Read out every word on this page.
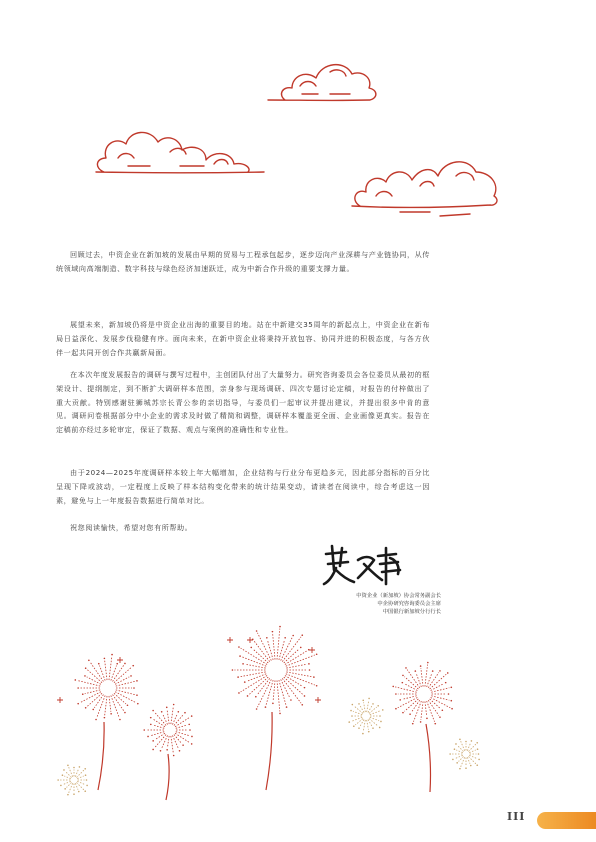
回顾过去，中资企业在新加坡的发展由早期的贸易与工程承包起步，逐步迈向产业深耕与产业链协同，从传统领域向高端制造、数字科技与绿色经济加速跃迁，成为中新合作升级的重要支撑力量。

展望未来，新加坡仍将是中资企业出海的重要目的地。站在中新建交35周年的新起点上，中资企业在新布局日益深化、发展步伐稳健有序。面向未来，在新中资企业将秉持开放包容、协同并进的积极态度，与各方伙伴一起共同开创合作共赢新局面。

在本次年度发展报告的调研与撰写过程中，主创团队付出了大量努力。研究咨询委员会各位委员从最初的框架设计、提纲制定，到不断扩大调研样本范围，亲身参与现场调研、四次专题讨论定稿，对报告的付梓做出了重大贡献。特别感谢驻狮城苏宗长青公参的亲切指导，与委员们一起审议并提出建议，并提出很多中肯的意见。调研问卷根据部分中小企业的需求及时做了精简和调整，调研样本覆盖更全面、企业画像更真实。报告在定稿前亦经过多轮审定，保证了数据、观点与案例的准确性和专业性。

由于2024—2025年度调研样本较上年大幅增加，企业结构与行业分布更趋多元，因此部分指标的百分比呈现下降或波动，一定程度上反映了样本结构变化带来的统计结果变动，请读者在阅读中，综合考虑这一因素，避免与上一年度报告数据进行简单对比。

祝您阅读愉快，希望对您有所帮助。

中资企业（新加坡）协会常务副会长

中企协研究咨询委员会主席

中国银行新加坡分行行长

III
